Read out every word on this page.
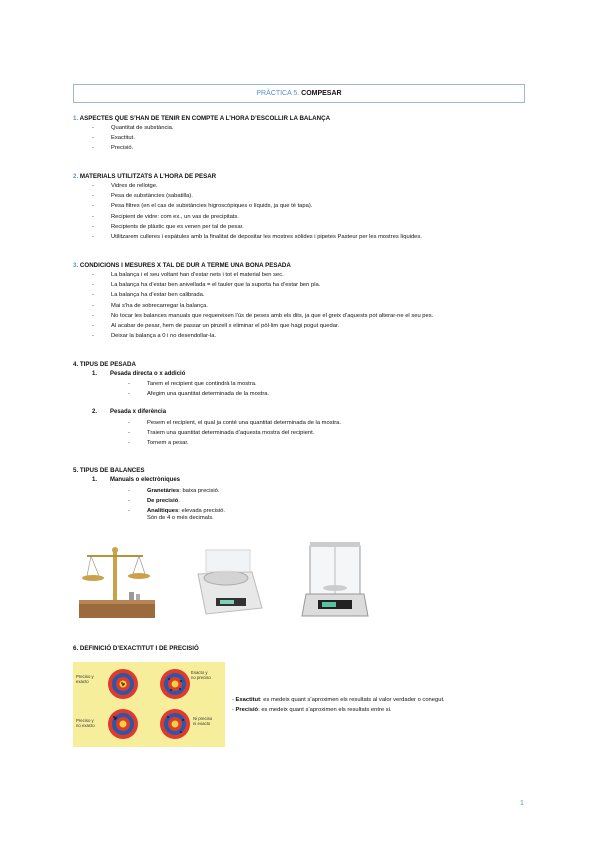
PRÀCTICA 5. COMPESAR
1. ASPECTES QUE S’HAN DE TENIR EN COMPTE A L’HORA D’ESCOLLIR LA BALANÇA
- Quantitat de substància.
- Exactitut.
- Precisió.
2. MATERIALS UTILITZATS A L’HORA DE PESAR
- Vidres de rellotge.
- Pesa de substàncies (sabatilla).
- Pesa filtres (en el cas de substàncies higroscòpiques o líquids, ja que té tapa).
- Recipient de vidre: com ex., un vas de precipitats.
- Recipients de plàstic que es venen per tal de pesar.
- Utilitzarem culleres i espàtules amb la finalitat de depositar les mostres sòlides i pipetes Pasteur per les mostres líquides.
3. CONDICIONS I MESURES X TAL DE DUR A TERME UNA BONA PESADA
- La balança i el seu voltant han d’estar nets i tot el material ben sec.
- La balança ha d’estar ben anivellada = el tauler que la suporta ha d’estar ben pla.
- La balança ha d’estar ben calibrada.
- Mai s’ha de sobrecarregar la balança.
- No tocar les balances manuals que requereixen l’ús de peses amb els dits, ja que el greix d’aquests pot alterar-ne el seu pes.
- Al acabar de pesar, hem de passar un pinzell x eliminar el pòl·lim que hagi pogut quedar.
- Deixar la balança a 0 i no desendollar-la.
4. TIPUS DE PESADA
1. Pesada directa o x addició
- Tarem el recipient que contindrà la mostra.
- Afegim una quantitat determinada de la mostra.
2. Pesada x diferència
- Pesem el recipient, el qual ja conté una quantitat determinada de la mostra.
- Traiem una quantitat determinada d’aquesta mostra del recipient.
- Tornem a pesar.
5. TIPUS DE BALANCES
1. Manuals o electròniques
- Granetàries: baixa precisió.
- De precisió.
- Analítiques: elevada precisió.
Són de 4 o més decimals.
6. DEFINICIÓ D’EXACTITUT I DE PRECISIÓ
Preciso y
exacto
Exacto y
no preciso
Preciso y
no exacto
Ni preciso
ni exacto
- Exactitut: es medeix quant s’aproximen els resultats al valor verdader o conegut.
- Precisió: es medeix quant s’aproximen els resultats entre si.
1
